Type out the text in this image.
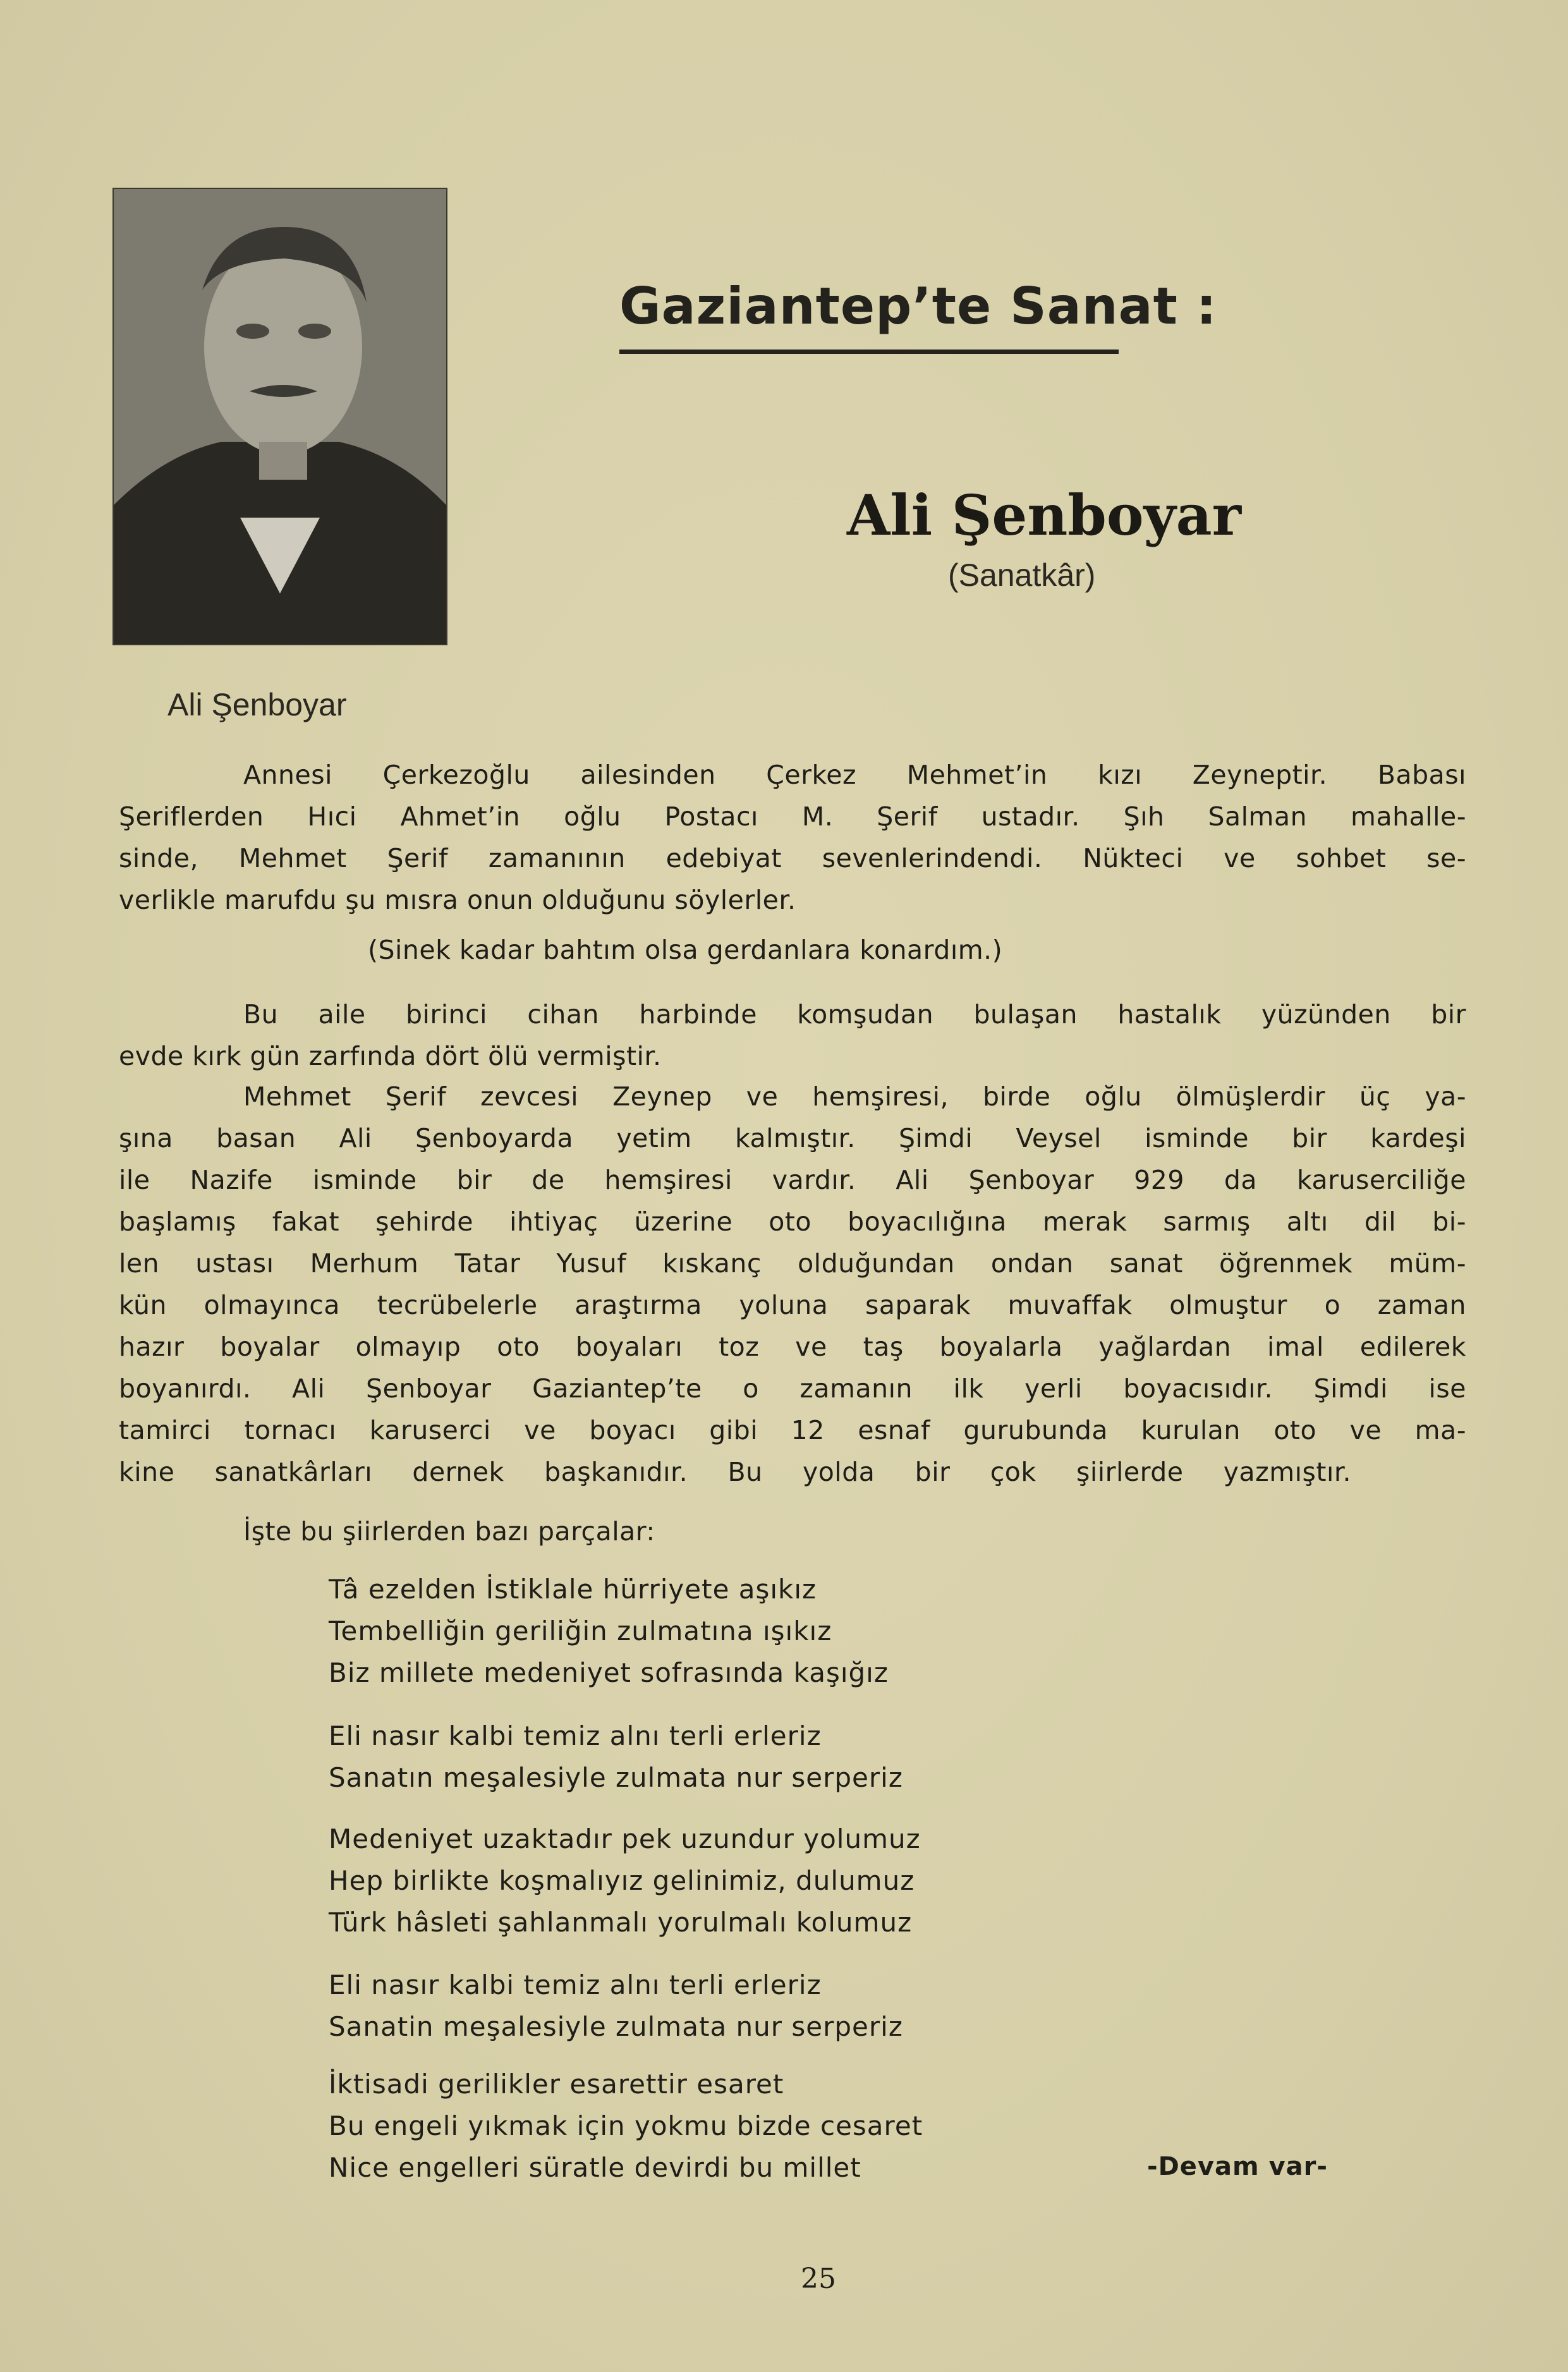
Gaziantep’te Sanat :
Ali Şenboyar
(Sanatkâr)
Ali Şenboyar
Annesi Çerkezoğlu ailesinden Çerkez Mehmet’in kızı Zeyneptir. Babası
Şeriflerden Hıci Ahmet’in oğlu Postacı M. Şerif ustadır. Şıh Salman mahalle-
sinde, Mehmet Şerif zamanının edebiyat sevenlerindendi. Nükteci ve sohbet se-
verlikle marufdu şu mısra onun olduğunu söylerler.
(Sinek kadar bahtım olsa gerdanlara konardım.)
Bu aile birinci cihan harbinde komşudan bulaşan hastalık yüzünden bir
evde kırk gün zarfında dört ölü vermiştir.
Mehmet Şerif zevcesi Zeynep ve hemşiresi, birde oğlu ölmüşlerdir üç ya-
şına basan Ali Şenboyarda yetim kalmıştır. Şimdi Veysel isminde bir kardeşi
ile Nazife isminde bir de hemşiresi vardır. Ali Şenboyar 929 da karuserciliğe
başlamış fakat şehirde ihtiyaç üzerine oto boyacılığına merak sarmış altı dil bi-
len ustası Merhum Tatar Yusuf kıskanç olduğundan ondan sanat öğrenmek müm-
kün olmayınca tecrübelerle araştırma yoluna saparak muvaffak olmuştur o zaman
hazır boyalar olmayıp oto boyaları toz ve taş boyalarla yağlardan imal edilerek
boyanırdı. Ali Şenboyar Gaziantep’te o zamanın ilk yerli boyacısıdır. Şimdi ise
tamirci tornacı karuserci ve boyacı gibi 12 esnaf gurubunda kurulan oto ve ma-
kine sanatkârları dernek başkanıdır. Bu yolda bir çok şiirlerde yazmıştır.
İşte bu şiirlerden bazı parçalar:
Tâ ezelden İstiklale hürriyete aşıkız
Tembelliğin geriliğin zulmatına ışıkız
Biz millete medeniyet sofrasında kaşığız
Eli nasır kalbi temiz alnı terli erleriz
Sanatın meşalesiyle zulmata nur serperiz
Medeniyet uzaktadır pek uzundur yolumuz
Hep birlikte koşmalıyız gelinimiz, dulumuz
Türk hâsleti şahlanmalı yorulmalı kolumuz
Eli nasır kalbi temiz alnı terli erleriz
Sanatin meşalesiyle zulmata nur serperiz
İktisadi gerilikler esarettir esaret
Bu engeli yıkmak için yokmu bizde cesaret
Nice engelleri süratle devirdi bu millet	-Devam var-
25
